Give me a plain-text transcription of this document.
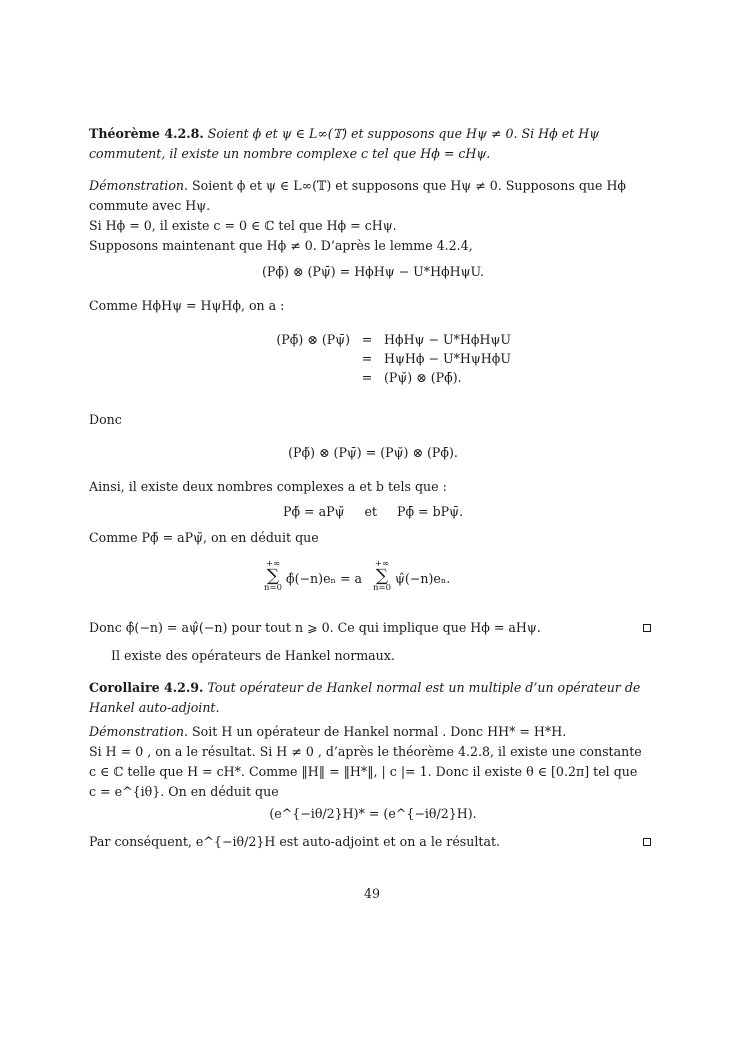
Théorème 4.2.8. Soient ϕ et ψ ∈ L∞(𝕋) et supposons que Hψ ≠ 0. Si Hϕ et Hψ
commutent, il existe un nombre complexe c tel que Hϕ = cHψ.
Démonstration. Soient ϕ et ψ ∈ L∞(𝕋) et supposons que Hψ ≠ 0. Supposons que Hϕ
commute avec Hψ.
Si Hϕ = 0, il existe c = 0 ∈ ℂ tel que Hϕ = cHψ.
Supposons maintenant que Hϕ ≠ 0. D’après le lemme 4.2.4,
(Pϕ̆) ⊗ (Pψ̄) = HϕHψ − U*HϕHψU.
Comme HϕHψ = HψHϕ, on a :
(Pϕ̆) ⊗ (Pψ̄)	=	HϕHψ − U*HϕHψU
	=	HψHϕ − U*HψHϕU
	=	(Pψ̆) ⊗ (Pϕ̄).
Donc
(Pϕ̆) ⊗ (Pψ̄) = (Pψ̆) ⊗ (Pϕ̄).
Ainsi, il existe deux nombres complexes a et b tels que :
Pϕ̆ = aPψ̆     et     Pϕ̄ = bPψ̄.
Comme Pϕ̆ = aPψ̆, on en déduit que
+∞
∑
n=0
ϕ̂(−n)eₙ = a
+∞
∑
n=0
ψ̂(−n)eₙ.
Donc ϕ̂(−n) = aψ̂(−n) pour tout n ⩾ 0. Ce qui implique que Hϕ = aHψ.
Il existe des opérateurs de Hankel normaux.
Corollaire 4.2.9. Tout opérateur de Hankel normal est un multiple d’un opérateur de
Hankel auto-adjoint.
Démonstration. Soit H un opérateur de Hankel normal . Donc HH* = H*H.
Si H = 0 , on a le résultat. Si H ≠ 0 , d’après le théorème 4.2.8, il existe une constante
c ∈ ℂ telle que H = cH*. Comme ‖H‖ = ‖H*‖, | c |= 1. Donc il existe θ ∈ [0.2π] tel que
c = e^{iθ}. On en déduit que
(e^{−iθ/2}H)* = (e^{−iθ/2}H).
Par conséquent, e^{−iθ/2}H est auto-adjoint et on a le résultat.
49
